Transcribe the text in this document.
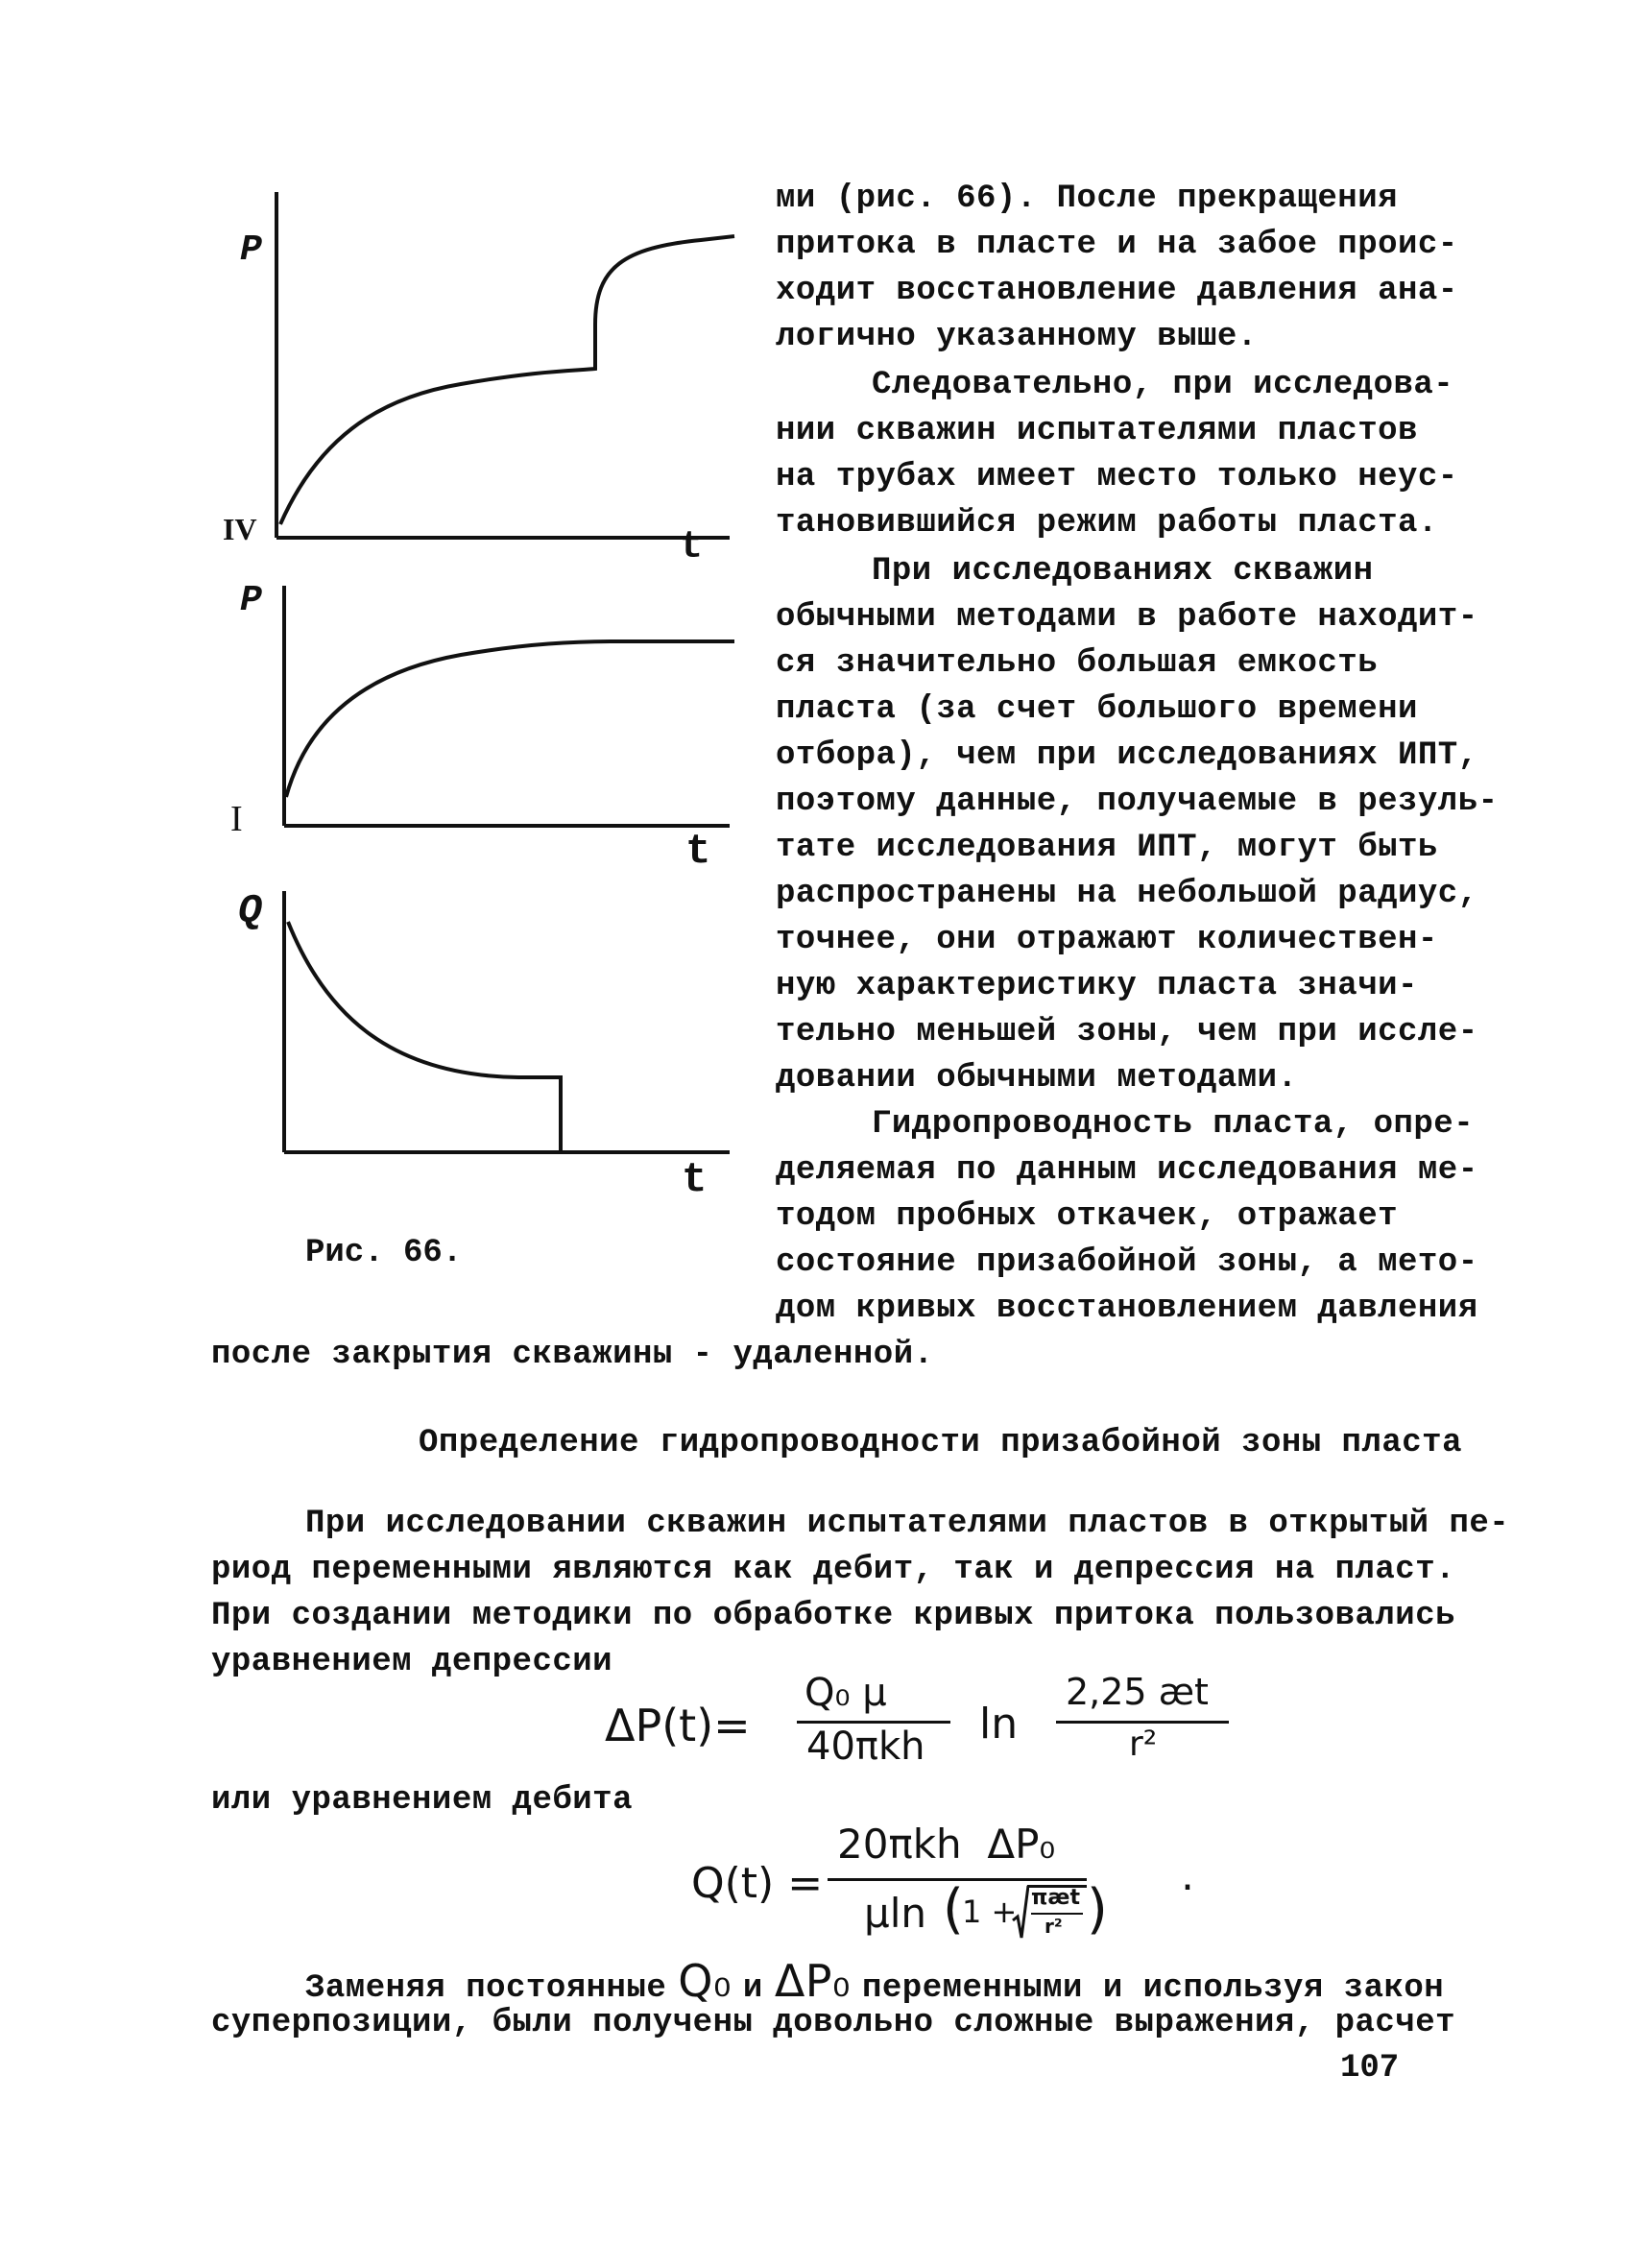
P
t
IV
P
t
I
Q
t
Рис. 66.
ми (рис. 66). После прекращения
притока в пласте и на забое проис-
ходит восстановление давления ана-
логично указанному выше.
Следовательно, при исследова-
нии скважин испытателями пластов
на трубах имеет место только неус-
тановившийся режим работы пласта.
При исследованиях скважин
обычными методами в работе находит-
ся значительно большая емкость
пласта (за счет большого времени
отбора), чем при исследованиях ИПТ,
поэтому данные, получаемые в резуль-
тате исследования ИПТ, могут быть
распространены на небольшой радиус,
точнее, они отражают количествен-
ную характеристику пласта значи-
тельно меньшей зоны, чем при иссле-
довании обычными методами.
Гидропроводность пласта, опре-
деляемая по данным исследования ме-
тодом пробных откачек, отражает
состояние призабойной зоны, а мето-
дом кривых восстановлением давления
после закрытия скважины - удаленной.
Определение гидропроводности призабойной зоны пласта
При исследовании скважин испытателями пластов в открытый пе-
риод переменными являются как дебит, так и депрессия на пласт.
При создании методики по обработке кривых притока пользовались
уравнением депрессии
ΔP(t)=
Q₀ μ
40πkh ln
2,25 æt
r²
или уравнением дебита
Q(t) =
20πkh  ΔP₀
μln (
1 + πæt
r² )
.
Заменяя постоянные Q₀ и ΔP₀ переменными и используя закон
суперпозиции, были получены довольно сложные выражения, расчет
107
